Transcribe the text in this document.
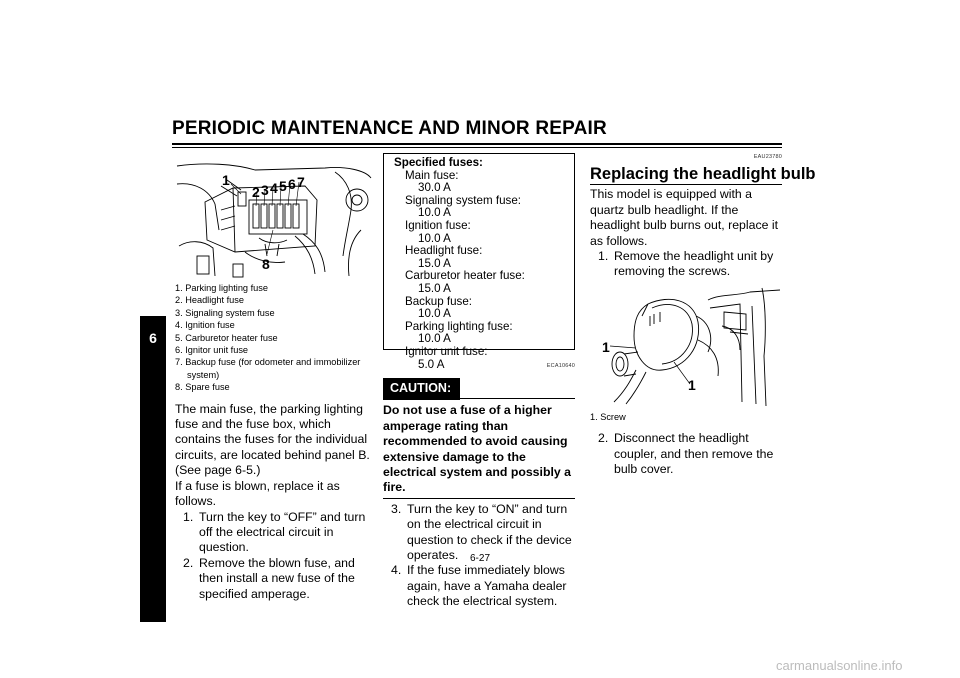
PERIODIC MAINTENANCE AND MINOR REPAIR
6
1
2 3 4 5 6 7
8
1. Parking lighting fuse
2. Headlight fuse
3. Signaling system fuse
4. Ignition fuse
5. Carburetor heater fuse
6. Ignitor unit fuse
7. Backup fuse (for odometer and immobilizer system)
8. Spare fuse

The main fuse, the parking lighting fuse and the fuse box, which contains the fuses for the individual circuits, are located behind panel B. (See page 6-5.)

If a fuse is blown, replace it as follows.

1. Turn the key to “OFF” and turn off the electrical circuit in question.
2. Remove the blown fuse, and then install a new fuse of the specified amperage.
Specified fuses:
Main fuse:
30.0 A
Signaling system fuse:
10.0 A
Ignition fuse:
10.0 A
Headlight fuse:
15.0 A
Carburetor heater fuse:
15.0 A
Backup fuse:
10.0 A
Parking lighting fuse:
10.0 A
Ignitor unit fuse:
5.0 A	ECA10640
CAUTION:

Do not use a fuse of a higher amperage rating than recommended to avoid causing extensive damage to the electrical system and possibly a fire.

3. Turn the key to “ON” and turn on the electrical circuit in question to check if the device operates.
4. If the fuse immediately blows again, have a Yamaha dealer check the electrical system.
EAU23780
Replacing the headlight bulb

This model is equipped with a quartz bulb headlight. If the headlight bulb burns out, replace it as follows.

1. Remove the headlight unit by removing the screws.
1
1
1. Screw
2. Disconnect the headlight coupler, and then remove the bulb cover.
6-27
carmanualsonline.info
